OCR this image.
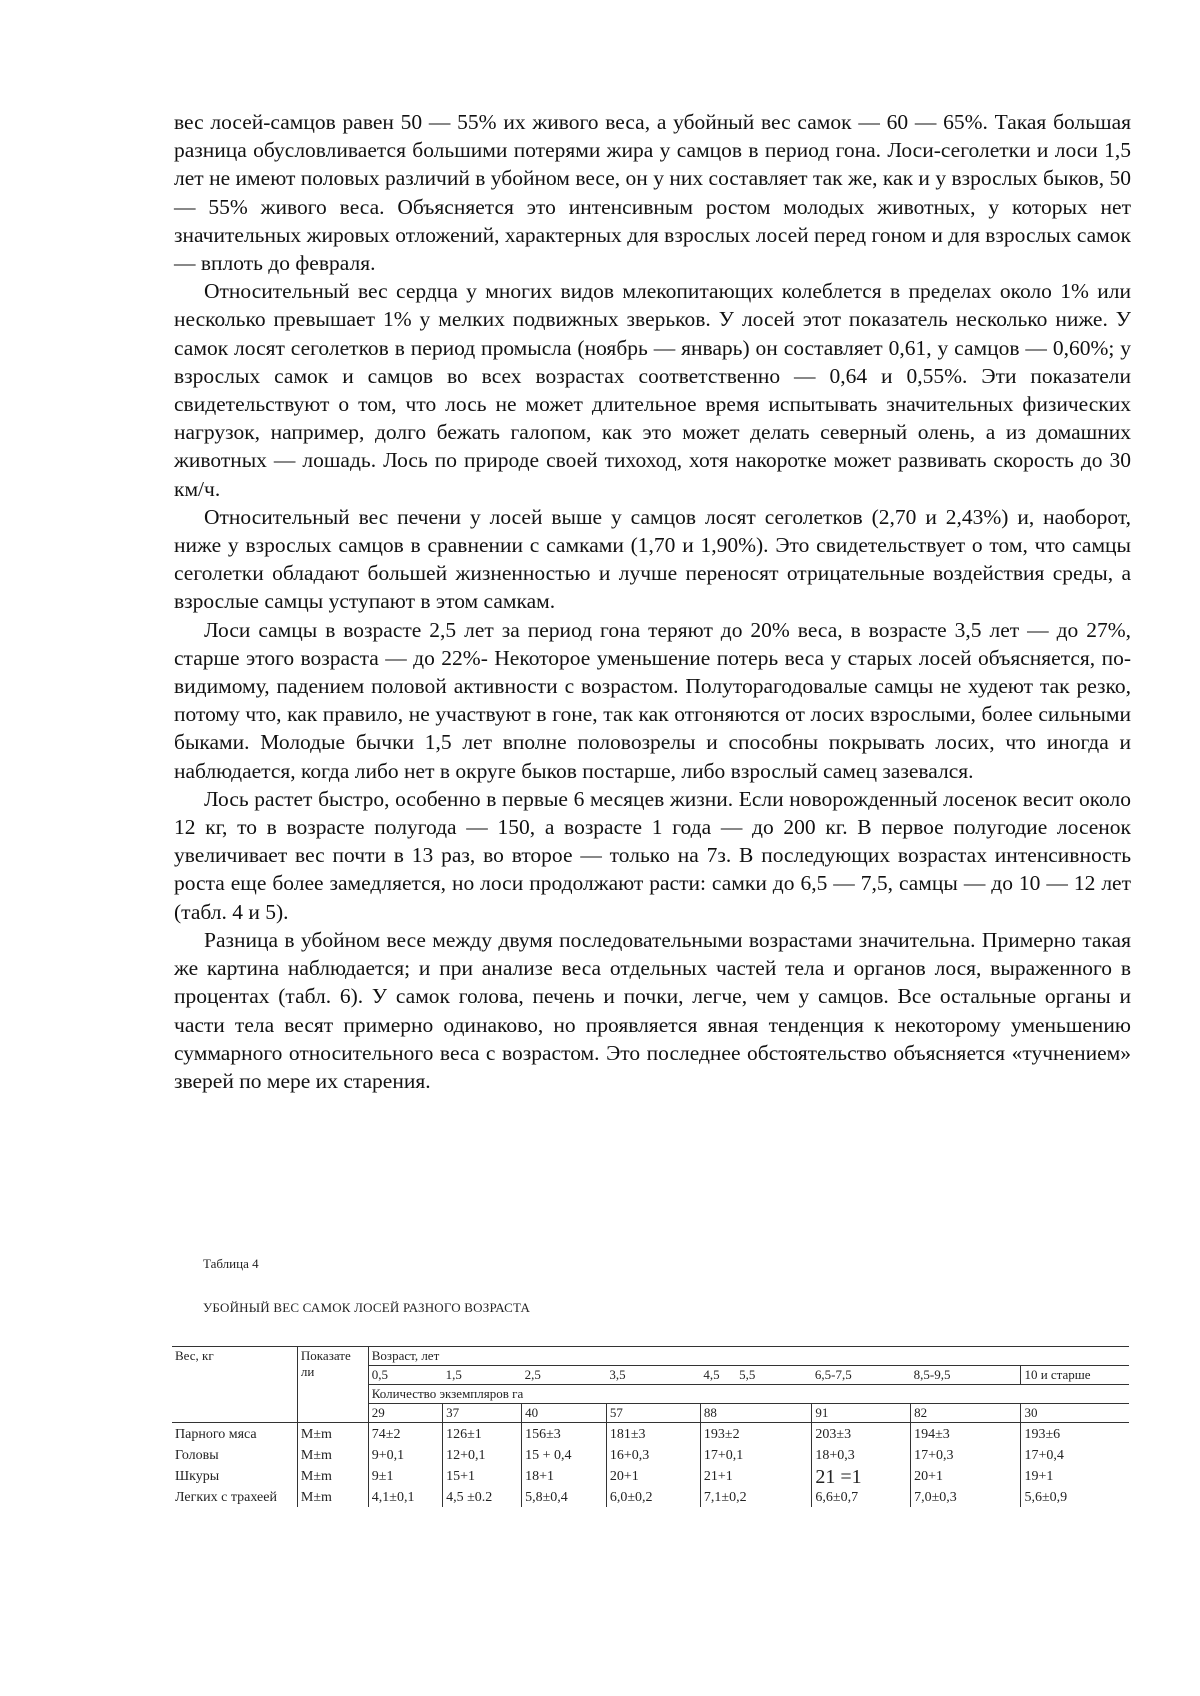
вес лосей-самцов равен 50 — 55% их живого веса, а убойный вес самок — 60 — 65%. Такая большая разница обусловливается большими потерями жира у самцов в период гона. Лоси-сеголетки и лоси 1,5 лет не имеют половых различий в убойном весе, он у них составляет так же, как и у взрослых быков, 50 — 55% живого веса. Объясняется это интенсивным ростом молодых животных, у которых нет значительных жировых отложений, характерных для взрослых лосей перед гоном и для взрослых самок — вплоть до февраля.

Относительный вес сердца у многих видов млекопитающих колеблется в пределах около 1% или несколько превышает 1% у мелких подвижных зверьков. У лосей этот показатель несколько ниже. У самок лосят сеголетков в период промысла (ноябрь — январь) он составляет 0,61, у самцов — 0,60%; у взрослых самок и самцов во всех возрастах соответственно — 0,64 и 0,55%. Эти показатели свидетельствуют о том, что лось не может длительное время испытывать значительных физических нагрузок, например, долго бежать галопом, как это может делать северный олень, а из домашних животных — лошадь. Лось по природе своей тихоход, хотя накоротке может развивать скорость до 30 км/ч.

Относительный вес печени у лосей выше у самцов лосят сеголетков (2,70 и 2,43%) и, наоборот, ниже у взрослых самцов в сравнении с самками (1,70 и 1,90%). Это свидетельствует о том, что самцы сеголетки обладают большей жизненностью и лучше переносят отрицательные воздействия среды, а взрослые самцы уступают в этом самкам.

Лоси самцы в возрасте 2,5 лет за период гона теряют до 20% веса, в возрасте 3,5 лет — до 27%, старше этого возраста — до 22%- Некоторое уменьшение потерь веса у старых лосей объясняется, по-видимому, падением половой активности с возрастом. Полуторагодовалые самцы не худеют так резко, потому что, как правило, не участвуют в гоне, так как отгоняются от лосих взрослыми, более сильными быками. Молодые бычки 1,5 лет вполне половозрелы и способны покрывать лосих, что иногда и наблюдается, когда либо нет в округе быков постарше, либо взрослый самец зазевался.

Лось растет быстро, особенно в первые 6 месяцев жизни. Если новорожденный лосенок весит около 12 кг, то в возрасте полугода — 150, а возрасте 1 года — до 200 кг. В первое полугодие лосенок увеличивает вес почти в 13 раз, во второе — только на 7з. В последующих возрастах интенсивность роста еще более замедляется, но лоси продолжают расти: самки до 6,5 — 7,5, самцы — до 10 — 12 лет (табл. 4 и 5).

Разница в убойном весе между двумя последовательными возрастами значительна. Примерно такая же картина наблюдается; и при анализе веса отдельных частей тела и органов лося, выраженного в процентах (табл. 6). У самок голова, печень и почки, легче, чем у самцов. Все остальные органы и части тела весят примерно одинаково, но проявляется явная тенденция к некоторому уменьшению суммарного относительного веса с возрастом. Это последнее обстоятельство объясняется «тучнением» зверей по мере их старения.

Таблица 4
УБОЙНЫЙ ВЕС САМОК ЛОСЕЙ РАЗНОГО ВОЗРАСТА
Вес, кг	Показате ли	Возраст, лет							
		0,5	1,5	2,5	3,5	4,5      5,5	6,5-7,5	8,5-9,5	10 и старше
		Количество экземпляров га							
		29	37	40	57	88	91	82	30
Парного мяса	M±m	74±2	126±1	156±3	181±3	193±2	203±3	194±3	193±6
Головы	M±m	9+0,1	12+0,1	15 + 0,4	16+0,3	17+0,1	18+0,3	17+0,3	17+0,4
Шкуры	M±m	9±1	15+1	18+1	20+1	21+1	21 =1	20+1	19+1
Легких с трахеей	M±m	4,1±0,1	4,5 ±0.2	5,8±0,4	6,0±0,2	7,1±0,2	6,6±0,7	7,0±0,3	5,6±0,9
